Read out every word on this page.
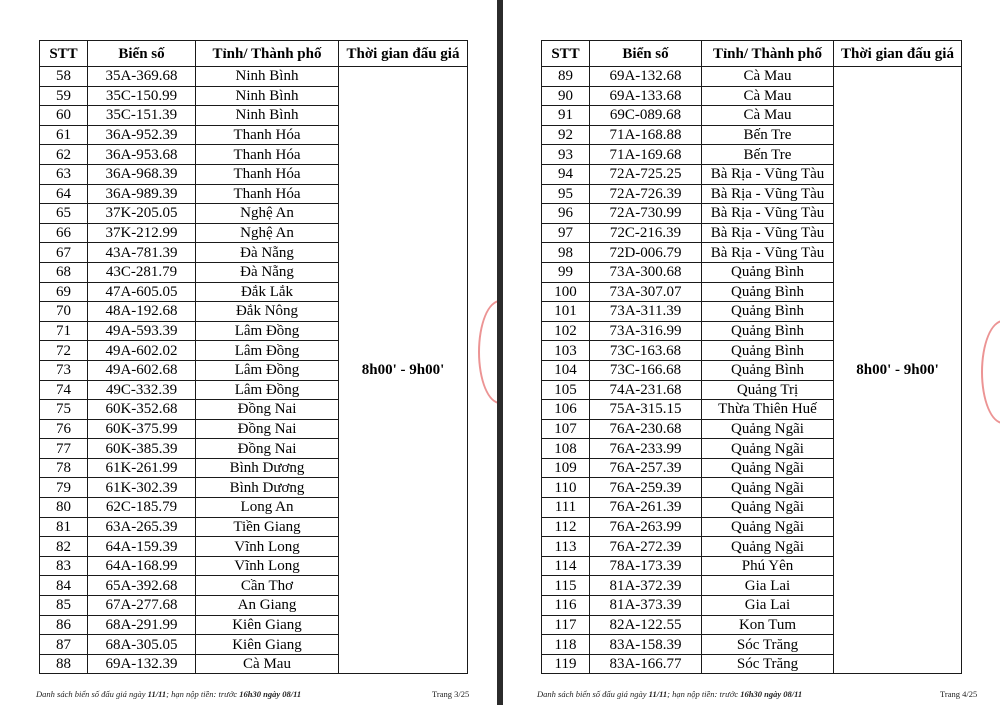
STT	Biển số	Tỉnh/ Thành phố	Thời gian đấu giá
58	35A-369.68	Ninh Bình	8h00' - 9h00'
59	35C-150.99	Ninh Bình	
60	35C-151.39	Ninh Bình	
61	36A-952.39	Thanh Hóa	
62	36A-953.68	Thanh Hóa	
63	36A-968.39	Thanh Hóa	
64	36A-989.39	Thanh Hóa	
65	37K-205.05	Nghệ An	
66	37K-212.99	Nghệ An	
67	43A-781.39	Đà Nẵng	
68	43C-281.79	Đà Nẵng	
69	47A-605.05	Đắk Lắk	
70	48A-192.68	Đắk Nông	
71	49A-593.39	Lâm Đồng	
72	49A-602.02	Lâm Đồng	
73	49A-602.68	Lâm Đồng	
74	49C-332.39	Lâm Đồng	
75	60K-352.68	Đồng Nai	
76	60K-375.99	Đồng Nai	
77	60K-385.39	Đồng Nai	
78	61K-261.99	Bình Dương	
79	61K-302.39	Bình Dương	
80	62C-185.79	Long An	
81	63A-265.39	Tiền Giang	
82	64A-159.39	Vĩnh Long	
83	64A-168.99	Vĩnh Long	
84	65A-392.68	Cần Thơ	
85	67A-277.68	An Giang	
86	68A-291.99	Kiên Giang	
87	68A-305.05	Kiên Giang	
88	69A-132.39	Cà Mau	
Danh sách biển số đấu giá ngày 11/11; hạn nộp tiền: trước 16h30 ngày 08/11	Trang 3/25
STT	Biển số	Tỉnh/ Thành phố	Thời gian đấu giá
89	69A-132.68	Cà Mau	8h00' - 9h00'
90	69A-133.68	Cà Mau	
91	69C-089.68	Cà Mau	
92	71A-168.88	Bến Tre	
93	71A-169.68	Bến Tre	
94	72A-725.25	Bà Rịa - Vũng Tàu	
95	72A-726.39	Bà Rịa - Vũng Tàu	
96	72A-730.99	Bà Rịa - Vũng Tàu	
97	72C-216.39	Bà Rịa - Vũng Tàu	
98	72D-006.79	Bà Rịa - Vũng Tàu	
99	73A-300.68	Quảng Bình	
100	73A-307.07	Quảng Bình	
101	73A-311.39	Quảng Bình	
102	73A-316.99	Quảng Bình	
103	73C-163.68	Quảng Bình	
104	73C-166.68	Quảng Bình	
105	74A-231.68	Quảng Trị	
106	75A-315.15	Thừa Thiên Huế	
107	76A-230.68	Quảng Ngãi	
108	76A-233.99	Quảng Ngãi	
109	76A-257.39	Quảng Ngãi	
110	76A-259.39	Quảng Ngãi	
111	76A-261.39	Quảng Ngãi	
112	76A-263.99	Quảng Ngãi	
113	76A-272.39	Quảng Ngãi	
114	78A-173.39	Phú Yên	
115	81A-372.39	Gia Lai	
116	81A-373.39	Gia Lai	
117	82A-122.55	Kon Tum	
118	83A-158.39	Sóc Trăng	
119	83A-166.77	Sóc Trăng	
Danh sách biển số đấu giá ngày 11/11; hạn nộp tiền: trước 16h30 ngày 08/11	Trang 4/25
